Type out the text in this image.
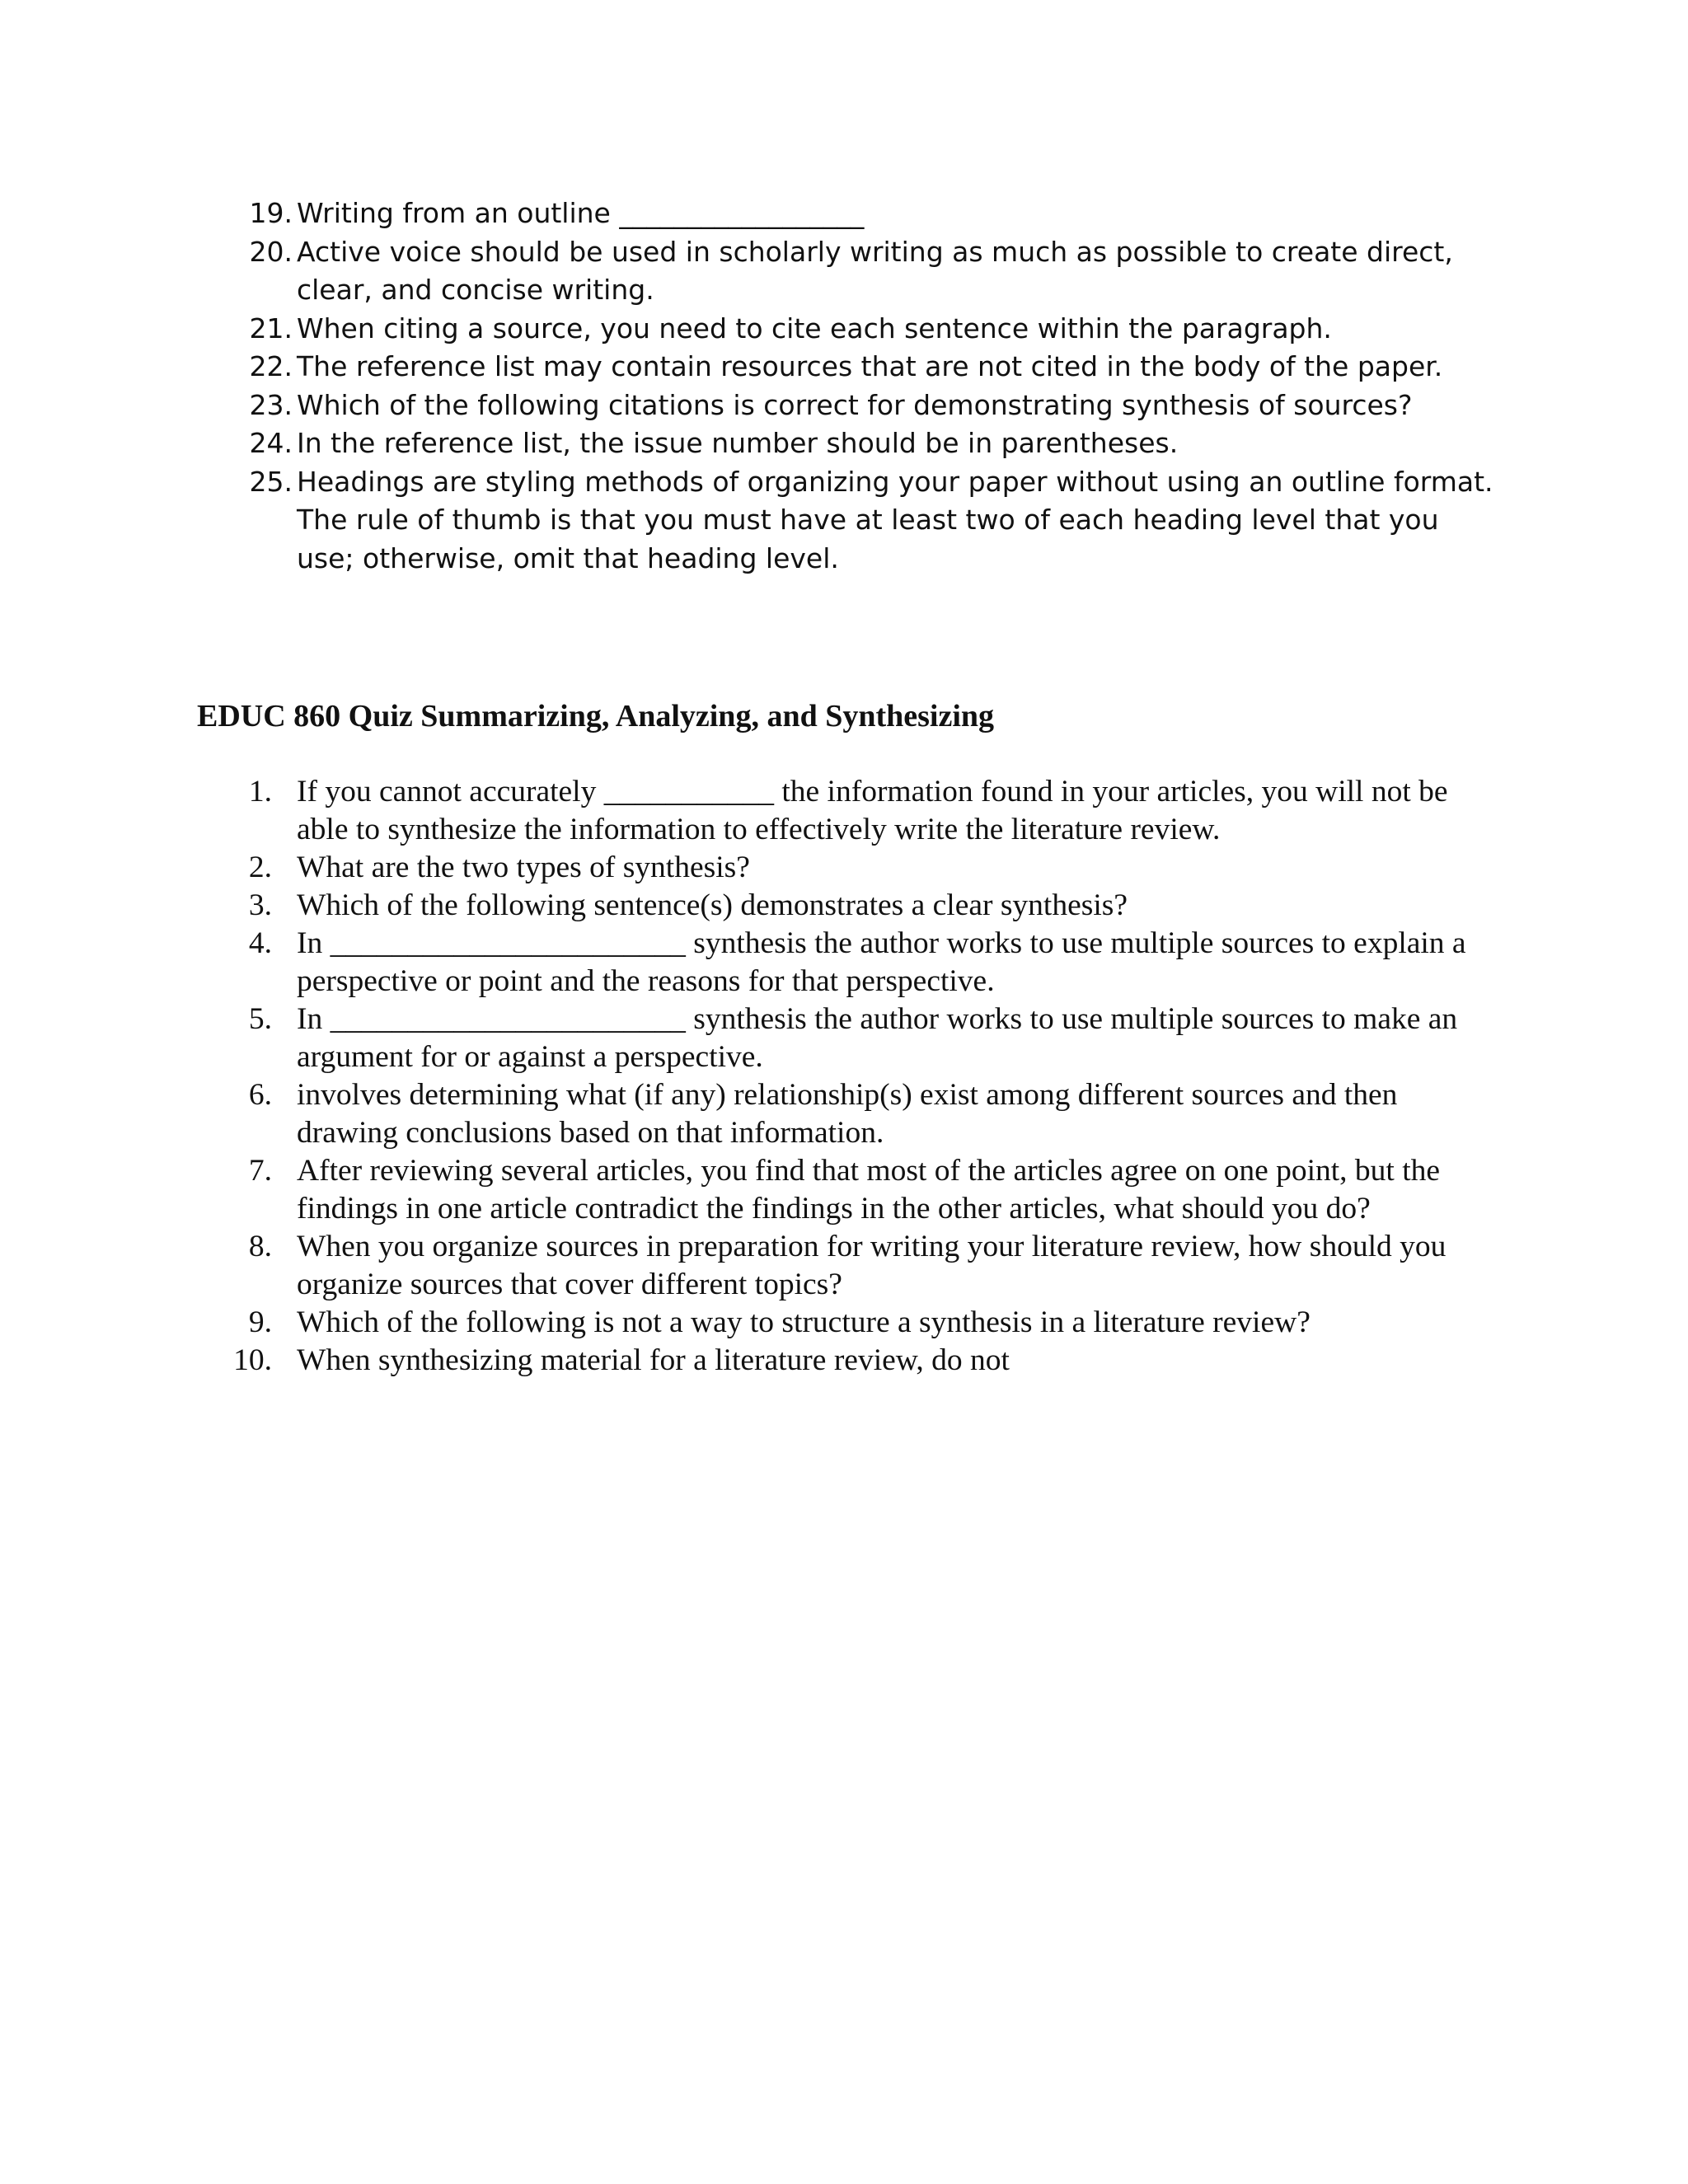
19. Writing from an outline __________________
20. Active voice should be used in scholarly writing as much as possible to create direct, clear, and concise writing.
21. When citing a source, you need to cite each sentence within the paragraph.
22. The reference list may contain resources that are not cited in the body of the paper.
23. Which of the following citations is correct for demonstrating synthesis of sources?
24. In the reference list, the issue number should be in parentheses.
25. Headings are styling methods of organizing your paper without using an outline format. The rule of thumb is that you must have at least two of each heading level that you use; otherwise, omit that heading level.
EDUC 860 Quiz Summarizing, Analyzing, and Synthesizing
1. If you cannot accurately ___________ the information found in your articles, you will not be able to synthesize the information to effectively write the literature review.
2. What are the two types of synthesis?
3. Which of the following sentence(s) demonstrates a clear synthesis?
4. In _______________________ synthesis the author works to use multiple sources to explain a perspective or point and the reasons for that perspective.
5. In _______________________ synthesis the author works to use multiple sources to make an argument for or against a perspective.
6. involves determining what (if any) relationship(s) exist among different sources and then drawing conclusions based on that information.
7. After reviewing several articles, you find that most of the articles agree on one point, but the findings in one article contradict the findings in the other articles, what should you do?
8. When you organize sources in preparation for writing your literature review, how should you organize sources that cover different topics?
9. Which of the following is not a way to structure a synthesis in a literature review?
10. When synthesizing material for a literature review, do not
